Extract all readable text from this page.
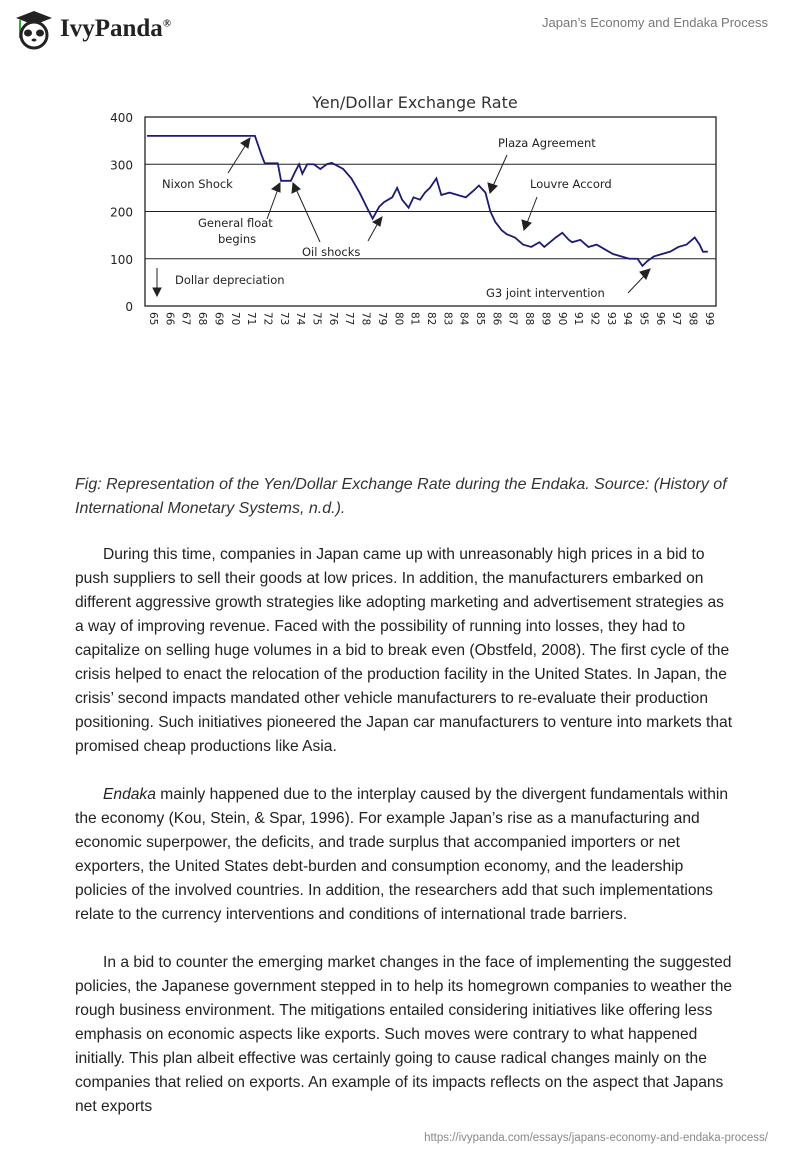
IvyPanda®	Japan’s Economy and Endaka Process
Yen/Dollar Exchange Rate
0
100
200
300
400
65 66 67 68 69 70 71 72 73 74 75 76 77 78 79 80 81 82 83 84 85 86 87 88 89 90 91 92 93 94 95 96 97 98 99
Nixon Shock
General float
begins
Oil shocks
Plaza Agreement
Louvre Accord
G3 joint intervention
Dollar depreciation
Fig: Representation of the Yen/Dollar Exchange Rate during the Endaka. Source: (History of International Monetary Systems, n.d.).

During this time, companies in Japan came up with unreasonably high prices in a bid to push suppliers to sell their goods at low prices. In addition, the manufacturers embarked on different aggressive growth strategies like adopting marketing and advertisement strategies as a way of improving revenue. Faced with the possibility of running into losses, they had to capitalize on selling huge volumes in a bid to break even (Obstfeld, 2008). The first cycle of the crisis helped to enact the relocation of the production facility in the United States. In Japan, the crisis’ second impacts mandated other vehicle manufacturers to re-evaluate their production positioning. Such initiatives pioneered the Japan car manufacturers to venture into markets that promised cheap productions like Asia.

Endaka mainly happened due to the interplay caused by the divergent fundamentals within the economy (Kou, Stein, & Spar, 1996). For example Japan’s rise as a manufacturing and economic superpower, the deficits, and trade surplus that accompanied importers or net exporters, the United States debt-burden and consumption economy, and the leadership policies of the involved countries. In addition, the researchers add that such implementations relate to the currency interventions and conditions of international trade barriers.

In a bid to counter the emerging market changes in the face of implementing the suggested policies, the Japanese government stepped in to help its homegrown companies to weather the rough business environment. The mitigations entailed considering initiatives like offering less emphasis on economic aspects like exports. Such moves were contrary to what happened initially. This plan albeit effective was certainly going to cause radical changes mainly on the companies that relied on exports. An example of its impacts reflects on the aspect that Japans net exports

https://ivypanda.com/essays/japans-economy-and-endaka-process/
